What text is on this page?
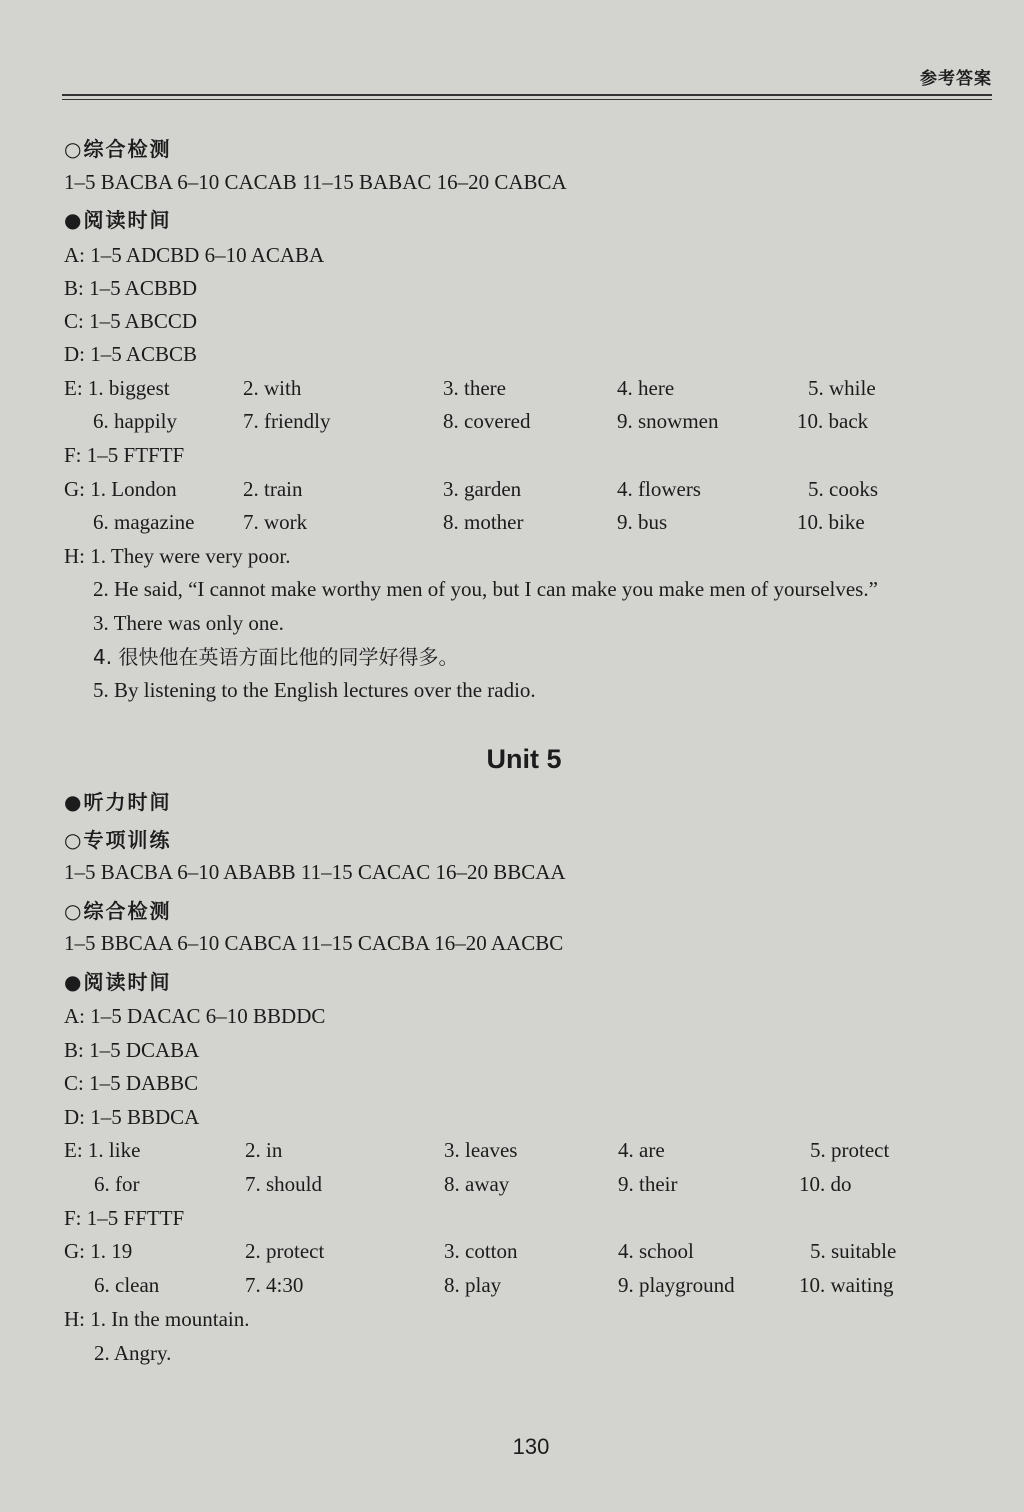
参考答案
○综合检测
1–5 BACBA 6–10 CACAB 11–15 BABAC 16–20 CABCA
●阅读时间
A: 1–5 ADCBD 6–10 ACABA
B: 1–5 ACBBD
C: 1–5 ABCCD
D: 1–5 ACBCB
E: 1. biggest	2. with	3. there	4. here	5. while
6. happily	7. friendly	8. covered	9. snowmen	10. back
F: 1–5 FTFTF
G: 1. London	2. train	3. garden	4. flowers	5. cooks
6. magazine 7. work	8. mother	9. bus	10. bike
H: 1. They were very poor.
2. He said, “I cannot make worthy men of you, but I can make you make men of yourselves.”
3. There was only one.
4. 很快他在英语方面比他的同学好得多。
5. By listening to the English lectures over the radio.
Unit 5
●听力时间
○专项训练
1–5 BACBA 6–10 ABABB 11–15 CACAC 16–20 BBCAA
○综合检测
1–5 BBCAA 6–10 CABCA 11–15 CACBA 16–20 AACBC
●阅读时间
A: 1–5 DACAC 6–10 BBDDC
B: 1–5 DCABA
C: 1–5 DABBC
D: 1–5 BBDCA
E: 1. like	2. in	3. leaves	4. are	5. protect
6. for	7. should	8. away	9. their	10. do
F: 1–5 FFTTF
G: 1. 19	2. protect	3. cotton	4. school	5. suitable
6. clean	7. 4:30	8. play	9. playground	10. waiting
H: 1. In the mountain.
2. Angry.
130
